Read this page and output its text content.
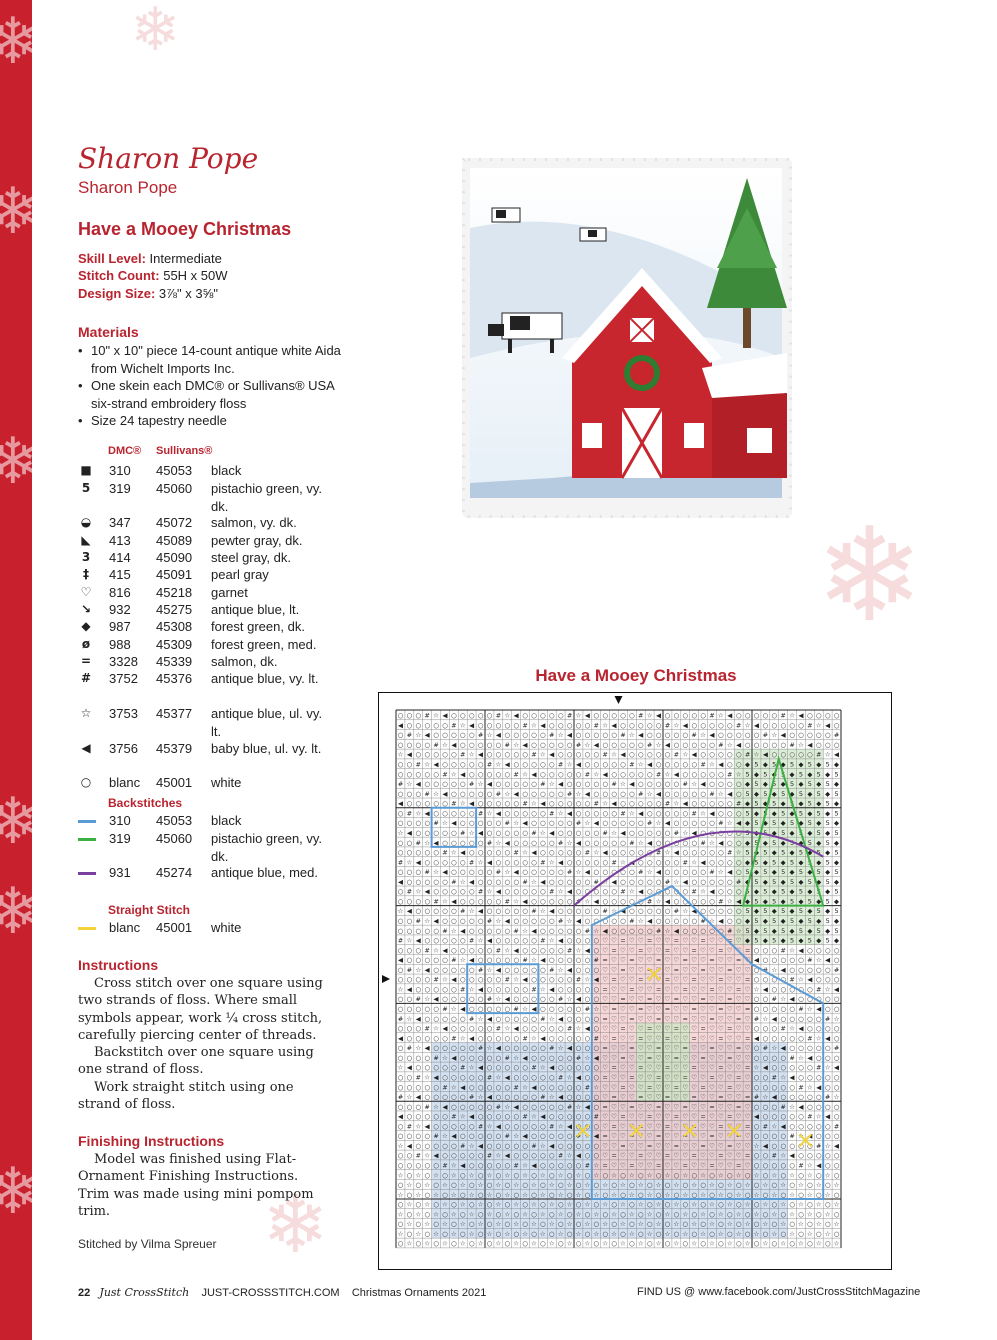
❄
❄
❄
❄
❄
❄
❄
❄
❄
Sharon Pope
Sharon Pope
Have a Mooey Christmas
Skill Level: Intermediate
Stitch Count: 55H x 50W
Design Size: 3⅞" x 3⅝"
Materials
• 10" x 10" piece 14-count antique white Aida from Wichelt Imports Inc.
• One skein each DMC® or Sullivans® USA six-strand embroidery floss
• Size 24 tapestry needle
DMC® Sullivans®
■ 310 45053 black
5 319 45060 pistachio green, vy. dk.
◒ 347 45072 salmon, vy. dk.
◣ 413 45089 pewter gray, dk.
3 414 45090 steel gray, dk.
‡	415 45091 pearl gray
♡ 816 45218 garnet
↘ 932 45275 antique blue, lt.
◆ 987 45308 forest green, dk.
ø 988 45309 forest green, med.
= 3328 45339 salmon, dk.
# 3752 45376 antique blue, vy. lt.
☆ 3753 45377 antique blue, ul. vy. lt.
◀ 3756 45379 baby blue, ul. vy. lt.
○ blanc 45001 white
Backstitches
310 45053 black
319 45060 pistachio green, vy. dk.
931 45274 antique blue, med.
Straight Stitch
blanc 45001 white
Instructions

Cross stitch over one square using two strands of floss. Where small symbols appear, work ¼ cross stitch, carefully piercing center of threads.

Backstitch over one square using one strand of floss.

Work straight stitch using one strand of floss.

Finishing Instructions

Model was finished using Flat-Ornament Finishing Instructions. Trim was made using mini pompom trim.

Stitched by Vilma Spreuer
Have a Mooey Christmas
○ ○ ○ # ☆ ◀ ○ ○ ○ ○ ○ # ☆ ◀ ○ ○ ○ ○ ○ # ☆ ◀ ○ ○ ○ ○ ○ # ☆ ◀ ○ ○ ○ ○ ○ # ☆ ◀ ○ ○ ○ ○ ○ # ☆ ◀ ○ ○ ○ ○
◀ ○ ○ ○ ○ ○ # ☆ ◀ ○ ○ ○ ○ ○ # ☆ ◀ ○ ○ ○ ○ ○ # ☆ ◀ ○ ○ ○ ○ ○ # ☆ ◀ ○ ○ ○ ○ ○ # ☆ ◀ ○ ○ ○ ○ ○ # ☆ ◀ ○
○ # ☆ ◀ ○ ○ ○ ○ ○ # ☆ ◀ ○ ○ ○ ○ ○ # ☆ ◀ ○ ○ ○ ○ ○ # ☆ ◀ ○ ○ ○ ○ ○ # ☆ ◀ ○ ○ ○ ○ ○ # ☆ ◀ ○ ○ ○ ○ ○ #
○ ○ ○ ○ # ☆ ◀ ○ ○ ○ ○ ○ # ☆ ◀ ○ ○ ○ ○ ○ # ☆ ◀ ○ ○ ○ ○ ○ # ☆ ◀ ○ ○ ○ ○ ○ # ☆ ◀ ○ ○ ○ ○ ○ # ☆ ◀ ○ ○ ○
☆ ◀ ○ ○ ○ ○ ○ # ☆ ◀ ○ ○ ○ ○ ○ # ☆ ◀ ○ ○ ○ ○ ○ # ☆ ◀ ○ ○ ○ ○ ○ # ☆ ◀ ○ ○ ○ ○ ○ # ☆ ◀ ○ ○ ○ ○ ○ # ☆ ◀
○ ○ # ☆ ◀ ○ ○ ○ ○ ○ # ☆ ◀ ○ ○ ○ ○ ○ # ☆ ◀ ○ ○ ○ ○ ○ # ☆ ◀ ○ ○ ○ ○ ○ # ☆ ◀ ○ ○ ◆ 5 ◆ 5 ◆ 5 ◆ 5 ◆ 5 ◆
○ ○ ○ ○ ○ # ☆ ◀ ○ ○ ○ ○ ○ # ☆ ◀ ○ ○ ○ ○ ○ # ☆ ◀ ○ ○ ○ ○ ○ # ☆ ◀ ○ ○ ○ ○ ○ # ☆ 5 ◆ 5 ◆ 5 ◆ 5 ◆ 5 ◆ 5
# ☆ ◀ ○ ○ ○ ○ ○ # ☆ ◀ ○ ○ ○ ○ ○ # ☆ ◀ ○ ○ ○ ○ ○ # ☆ ◀ ○ ○ ○ ○ ○ # ☆ ◀ ○ ○ ○ ○ ◆ 5 ◆ 5 ◆ 5 ◆ 5 ◆ 5 ◆
○ ○ ○ # ☆ ◀ ○ ○ ○ ○ ○ # ☆ ◀ ○ ○ ○ ○ ○ # ☆ ◀ ○ ○ ○ ○ ○ # ☆ ◀ ○ ○ ○ ○ ○ # ☆ ◀ ○ 5 ◆ 5 ◆ 5 ◆ 5 ◆ 5 ◆ 5
◀ ○ ○ ○ ○ ○ # ☆ ◀ ○ ○ ○ ○ ○ # ☆ ◀ ○ ○ ○ ○ ○ # ☆ ◀ ○ ○ ○ ○ ○ # ☆ ◀ ○ ○ ○ ○ ○ # ◆ 5 ◆ 5 ◆ 5 ◆ 5 ◆ 5 ◆
○ # ☆ ◀ ○ ○ ○ ○ ○ # ☆ ◀ ○ ○ ○ ○ ○ # ☆ ◀ ○ ○ ○ ○ ○ # ☆ ◀ ○ ○ ○ ○ ○ # ☆ ◀ ○ ○ ○ 5 ◆ 5 ◆ 5 ◆ 5 ◆ 5 ◆ 5
○ ○ ○ ○ # ☆ ◀ ○ ○ ○ ○ ○ # ☆ ◀ ○ ○ ○ ○ ○ # ☆ ◀ ○ ○ ○ ○ ○ # ☆ ◀ ○ ○ ○ ○ ○ # ☆ ◀ ◆ 5 ◆ 5 ◆ 5 ◆ 5 ◆ 5 ◆
☆ ◀ ○ ○ ○ ○ ○ # ☆ ◀ ○ ○ ○ ○ ○ # ☆ ◀ ○ ○ ○ ○ ○ # ☆ ◀ ○ ○ ○ ○ ○ # ☆ ◀ ○ ○ ○ ○ ○ 5 ◆ 5 ◆ 5 ◆ 5 ◆ 5 ◆ 5
○ ○ # ☆ ◀ ○ ○ ○ ○ ○ # ☆ ◀ ○ ○ ○ ○ ○ # ☆ ◀ ○ ○ ○ ○ ○ # ☆ ◀ ○ ○ ○ ○ ○ # ☆ ◀ ○ ○ ◆ 5 ◆ 5 ◆ 5 ◆ 5 ◆ 5 ◆
○ ○ ○ ○ ○ # ☆ ◀ ○ ○ ○ ○ ○ # ☆ ◀ ○ ○ ○ ○ ○ # ☆ ◀ ○ ○ ○ ○ ○ # ☆ ◀ ○ ○ ○ ○ ○ # ☆ 5 ◆ 5 ◆ 5 ◆ 5 ◆ 5 ◆ 5
# ☆ ◀ ○ ○ ○ ○ ○ # ☆ ◀ ○ ○ ○ ○ ○ # ☆ ◀ ○ ○ ○ ○ ○ # ☆ ◀ ○ ○ ○ ○ ○ # ☆ ◀ ○ ○ ○ ○ ◆ 5 ◆ 5 ◆ 5 ◆ 5 ◆ 5 ◆
○ ○ ○ # ☆ ◀ ○ ○ ○ ○ ○ # ☆ ◀ ○ ○ ○ ○ ○ # ☆ ◀ ○ ○ ○ ○ ○ # ☆ ◀ ○ ○ ○ ○ ○ # ☆ ◀ ○ 5 ◆ 5 ◆ 5 ◆ 5 ◆ 5 ◆ 5
◀ ○ ○ ○ ○ ○ # ☆ ◀ ○ ○ ○ ○ ○ # ☆ ◀ ○ ○ ○ ○ ○ # ☆ ◀ ○ ○ ○ ○ ○ # ☆ ◀ ○ ○ ○ ○ ○ # ◆ 5 ◆ 5 ◆ 5 ◆ 5 ◆ 5 ◆
○ # ☆ ◀ ○ ○ ○ ○ ○ # ☆ ◀ ○ ○ ○ ○ ○ # ☆ ◀ ○ ○ ○ ○ ○ # ☆ ◀ ○ ○ ○ ○ ○ # ☆ ◀ ○ ○ ○ 5 ◆ 5 ◆ 5 ◆ 5 ◆ 5 ◆ 5
○ ○ ○ ○ # ☆ ◀ ○ ○ ○ ○ ○ # ☆ ◀ ○ ○ ○ ○ ○ # ☆ ◀ ○ ○ ○ ○ ○ # ☆ ◀ ○ ○ ○ ○ ○ # ☆ ◀ ◆ 5 ◆ 5 ◆ 5 ◆ 5 ◆ 5 ◆
☆ ◀ ○ ○ ○ ○ ○ # ☆ ◀ ○ ○ ○ ○ ○ # ☆ ◀ ○ ○ ○ ○ ○ # ☆ ◀ ○ ○ ○ ○ ○ # ☆ ◀ ○ ○ ○ ○ ○ 5 ◆ 5 ◆ 5 ◆ 5 ◆ 5 ◆ 5
○ ○ # ☆ ◀ ○ ○ ○ ○ ○ # ☆ ◀ ○ ○ ○ ○ ○ # ☆ ◀ ○ ○ ○ ○ ○ # ☆ ◀ ○ ○ ○ ○ ○ # ☆ ◀ ○ ○ ◆ 5 ◆ 5 ◆ 5 ◆ 5 ◆ 5 ◆
○ ○ ○ ○ ○ # ☆ ◀ ○ ○ ○ ○ ○ # ☆ ◀ ○ ○ ○ ○ ○ # ☆ ◀ ○ ○ ○ ○ ○ # ☆ ◀ ○ ○ ○ ○ ○ # ☆ 5 ◆ 5 ◆ 5 ◆ 5 ◆ 5 ◆ 5
# ☆ ◀ ○ ○ ○ ○ ○ # ☆ ◀ ○ ○ ○ ○ ○ # ☆ ◀ ○ ○ ○ ○ ♡ ♡ = ♡ ♡ = ♡ ♡ = ♡ ♡ = ♡ ♡ = ♡ ◆ 5 ◆ 5 ◆ 5 ◆ 5 ◆ 5 ◆
○ ○ ○ # ☆ ◀ ○ ○ ○ ○ ○ # ☆ ◀ ○ ○ ○ ○ ○ # ☆ ◀ ○ ♡ = ♡ ♡ = ♡ ♡ = ♡ ♡ = ♡ ♡ = ♡ ♡ = ○ ○ ○ # ☆ ◀ ○ ○ ○ ○
◀ ○ ○ ○ ○ ○ # ☆ ◀ ○ ○ ○ ○ ○ # ☆ ◀ ○ ○ ○ ○ ○ # = ♡ ♡ = ♡ ♡ = ♡ ♡ = ♡ ♡ = ♡ ♡ = ♡ ◀ ○ ○ ○ ○ ○ # ☆ ◀ ○
○ # ☆ ◀ ○ ○ ○ ○ ○ # ☆ ◀ ○ ○ ○ ○ ○ # ☆ ◀ ○ ○ ○ ♡ ♡ = ♡ ♡	♡ = ♡ ♡ = ♡ ♡ = ♡ ♡ ○ # ☆ ◀ ○ ○ ○ ○ ○ #
○ ○ ○ ○ # ☆ ◀ ○ ○ ○ ○ ○ # ☆ ◀ ○ ○ ○ ○ ○ # ☆ ◀ ♡ = ♡ ♡ =	= ♡ ♡ = ♡ ♡ = ♡ ♡ = ○ ○ ○ ○ # ☆ ◀ ○ ○ ○
☆ ◀ ○ ○ ○ ○ ○ # ☆ ◀ ○ ○ ○ ○ ○ # ☆ ◀ ○ ○ ○ ○ ○ = ♡ ♡ = ♡ ♡ = ♡ ♡ = ♡ ♡ = ♡ ♡ = ♡ ☆ ◀ ○ ○ ○ ○ ○ # ☆ ◀
○ ○ # ☆ ◀ ○ ○ ○ ○ ○ # ☆ ◀ ○ ○ ○ ○ ○ # ☆ ◀ ○ ○ ♡ ♡ = ♡ ♡ = ♡ ♡ = ♡ ♡ = ♡ ♡ = ♡ ♡ ○ ○ # ☆ ◀ ○ ○ ○ ○ ○
○ ○ ○ ○ ○ # ☆ ◀ ○ ○ ○ ○ ○ # ☆ ◀ ○ ○ ○ ○ ○ # ☆ ♡ = ♡ ♡ = ♡ ♡ = ♡ ♡ = ♡ ♡ = ♡ ♡ = ○ ○ ○ ○ ○ # ☆ ◀ ○ ○
# ☆ ◀ ○ ○ ○ ○ ○ # ☆ ◀ ○ ○ ○ ○ ○ # ☆ ◀ ○ ○ ○ ○ = ♡ ♡ = ♡ ♡ = ♡ ♡ = ♡ ♡ = ♡ ♡ = ♡ # ☆ ◀ ○ ○ ○ ○ ○ # ☆
○ ○ ○ # ☆ ◀ ○ ○ ○ ○ ○ # ☆ ◀ ○ ○ ○ ○ ○ # ☆ ◀ ○ ♡ ♡ = ♡ ♡ = ♡ ♡ = ♡ ♡ = ♡ ♡ = ♡ ♡ ○ ○ ○ # ☆ ◀ ○ ○ ○ ○
◀ ○ ○ ○ ○ ○ # ☆ ◀ ○ ○ ○ ○ ○ # ☆ ◀ ○ ○ ○ ○ ○ # ♡ = ♡ ♡ = ♡ ♡ = ♡ ♡ = ♡ ♡ = ♡ ♡ = ◀ ○ ○ ○ ○ ○ # ☆ ◀ ○
○ # ☆ ◀ ○ ○ ○ ○ ○ # ☆ ◀ ○ ○ ○ ○ ○ # ☆ ◀ ○ ○ ○ = ♡ ♡ = ♡ ♡ = ♡ ♡ = ♡ ♡ = ♡ ♡ = ♡ ○ # ☆ ◀ ○ ○ ○ ○ ○ #
○ ○ ○ ○ # ☆ ◀ ○ ○ ○ ○ ○ # ☆ ◀ ○ ○ ○ ○ ○ # ☆ ◀ ♡ ♡ = ♡ ♡ = ♡ ♡ = ♡ ♡ = ♡ ♡ = ♡ ♡ ○ ○ ○ ○ # ☆ ◀ ○ ○ ○
☆ ◀ ○ ○ ○ ○ ○ # ☆ ◀ ○ ○ ○ ○ ○ # ☆ ◀ ○ ○ ○ ○ ○ ♡ = ♡ ♡ = ♡ ♡ = ♡ ♡ = ♡ ♡ = ♡ ♡ = ☆ ◀ ○ ○ ○ ○ ○ # ☆ ◀
○ ○ # ☆ ◀ ○ ○ ○ ○ ○ # ☆ ◀ ○ ○ ○ ○ ○ # ☆ ◀ ○ ○ = ♡ ♡ = ♡ ♡ = ♡ ♡ = ♡ ♡ = ♡ ♡ = ♡ ○ ○ # ☆ ◀ ○ ○ ○ ○ ○
○ ○ ○ ○ ○ # ☆ ◀ ○ ○ ○ ○ ○ # ☆ ◀ ○ ○ ○ ○ ○ # ☆ ♡ ♡ = ♡ ♡ = ♡ ♡ = ♡ ♡ = ♡ ♡ = ♡ ♡ ○ ○ ○ ○ ○ # ☆ ◀ ○ ○
# ☆ ◀ ○ ○ ○ ○ ○ # ☆ ◀ ○ ○ ○ ○ ○ # ☆ ◀ ○ ○ ○ ○ ♡ = ♡ ♡ = ♡ ♡ = ♡ ♡ = ♡ ♡ = ♡ ♡ = # ☆ ◀ ○ ○ ○ ○ ○ # ☆
○ ○ ○ # ☆ ◀ ○ ○ ○ ○ ○ # ☆ ◀ ○ ○ ○ ○ ○ # ☆ ◀ ○ = ♡ ♡ = ♡ ♡ = ♡ ♡ = ♡ ♡ = ♡ ♡ = ♡ ○ ○ ○ # ☆ ◀ ○ ○ ○ ○
◀ ○ ○ ○ ○ ○ # ☆ ◀ ○ ○ ○ ○ ○ # ☆ ◀ ○ ○ ○ ○ ○ # ♡ ♡ = ♡ ♡ = ♡ ♡ = ♡ ♡ = ♡ ♡ = ♡ ♡ ◀ ○ ○ ○ ○ ○ # ☆ ◀ ○
○ # ☆ ◀ ○ ○ ○ ○ ○ # ☆ ◀ ○ ○ ○ ○ ○ # ☆ ◀	○ ♡ = ♡	♡ ♡ = ♡	♡ ♡ =	= ○ # ☆ ◀ ○ ○ ○ ○ ○ #
○ ○ ○ ○ # ☆ ◀ ○ ○ ○ ○ ○ # ☆ ◀ ○ ○ ○ ○ ○	◀ = ♡ ♡	♡ = ♡ ♡	♡ = ♡	♡ ○ ○ ○ ○ #	○ ○ ○
☆ ◀ ○ ○ ○ ○ ○ # ☆ ◀ ○ ○ ○ ○ ○ # ☆ ◀ ○ ○ ○ ○ ○ ♡ ♡ = ♡ ♡ = ♡ ♡ = ♡ ♡ = ♡ ♡ = ♡ ♡ ☆ ◀ ○ ○ ○	# ☆ ◀
○ ○ # ☆ ◀ ○ ○ ○ ○ ○ # ☆ ◀ ○ ○ ○ ○ ○ # ☆ ◀ ○ ○ ♡ = ♡ ♡ = ♡ ♡ = ♡ ♡ = ♡ ♡ = ♡ ♡ = ○ ○ # ☆ ◀ ○ ○ ○ ○ ○
○ ○ ○ ○ ○ # ☆ ◀ ○ ○ ○ ○ ○ # ☆ ◀ ○ ○ ○ ○ ○ # ☆ = ♡ ♡ = ♡ ♡ = ♡ ♡ = ♡ ♡ = ♡ ♡ = ♡ ○ ○ ○ ○ ○ # ☆ ◀ ○ ○
☆ ○ ☆ ○ ☆ ○ ☆ ○ ☆ ○ ☆ ○ ☆ ○ ☆ ○ ☆ ○ ☆ ○ ☆ ○ ☆ ○ ☆ ○ ☆ ○ ☆ ○ ☆ ○ ☆ ○ ☆ ○ ☆ ○ ☆ ○ ☆ ○ ☆ ○ ☆ ○ ☆ ○ ☆ ○
○ ☆ ○ ☆ ○ ☆ ○ ☆ ○ ☆ ○ ☆ ○ ☆ ○ ☆ ○ ☆ ○ ☆ ○ ☆ ○ ☆ ○ ☆ ○ ☆ ○ ☆ ○ ☆ ○ ☆ ○ ☆ ○ ☆ ○ ☆ ○ ☆ ○ ☆ ○ ☆ ○ ☆ ○ ☆
☆ ○ ☆ ○ ☆ ○ ☆ ○ ☆ ○ ☆ ○ ☆ ○ ☆ ○ ☆ ○ ☆ ○ ☆ ○ ☆ ○ ☆ ○ ☆ ○ ☆ ○ ☆ ○ ☆ ○ ☆ ○ ☆ ○ ☆ ○ ☆ ○ ☆ ○ ☆ ○ ☆ ○ ☆ ○
○ ☆ ○ ☆ ○ ☆ ○ ☆ ○ ☆ ○ ☆ ○ ☆ ○ ☆ ○ ☆ ○ ☆ ○ ☆ ○ ☆ ○ ☆ ○ ☆ ○ ☆ ○ ☆ ○ ☆ ○ ☆ ○ ☆ ○ ☆ ○ ☆ ○ ☆ ○ ☆ ○ ☆ ○ ☆
☆ ○ ☆ ○ ☆ ○ ☆ ○ ☆ ○ ☆ ○ ☆ ○ ☆ ○ ☆ ○ ☆ ○ ☆ ○ ☆ ○ ☆ ○ ☆ ○ ☆ ○ ☆ ○ ☆ ○ ☆ ○ ☆ ○ ☆ ○ ☆ ○ ☆ ○ ☆ ○ ☆ ○ ☆ ○
○ ☆ ○ ☆ ○ ☆ ○ ☆ ○ ☆ ○ ☆ ○ ☆ ○ ☆ ○ ☆ ○ ☆ ○ ☆ ○ ☆ ○ ☆ ○ ☆ ○ ☆ ○ ☆ ○ ☆ ○ ☆ ○ ☆ ○ ☆ ○ ☆ ○ ☆ ○ ☆ ○ ☆ ○ ☆
☆ ○ ☆ ○ ☆ ○ ☆ ○ ☆ ○ ☆ ○ ☆ ○ ☆ ○ ☆ ○ ☆ ○ ☆ ○ ☆ ○ ☆ ○ ☆ ○ ☆ ○ ☆ ○ ☆ ○ ☆ ○ ☆ ○ ☆ ○ ☆ ○ ☆ ○ ☆ ○ ☆ ○ ☆ ○
○ ☆ ○ ☆ ○ ☆ ○ ☆ ○ ☆ ○ ☆ ○ ☆ ○ ☆ ○ ☆ ○ ☆ ○ ☆ ○ ☆ ○ ☆ ○ ☆ ○ ☆ ○ ☆ ○ ☆ ○ ☆ ○ ☆ ○ ☆ ○ ☆ ○ ☆ ○ ☆ ○ ☆ ○ ☆
22 Just CrossStitch JUST-CROSSSTITCH.COM Christmas Ornaments 2021	FIND US @ www.facebook.com/JustCrossStitchMagazine
